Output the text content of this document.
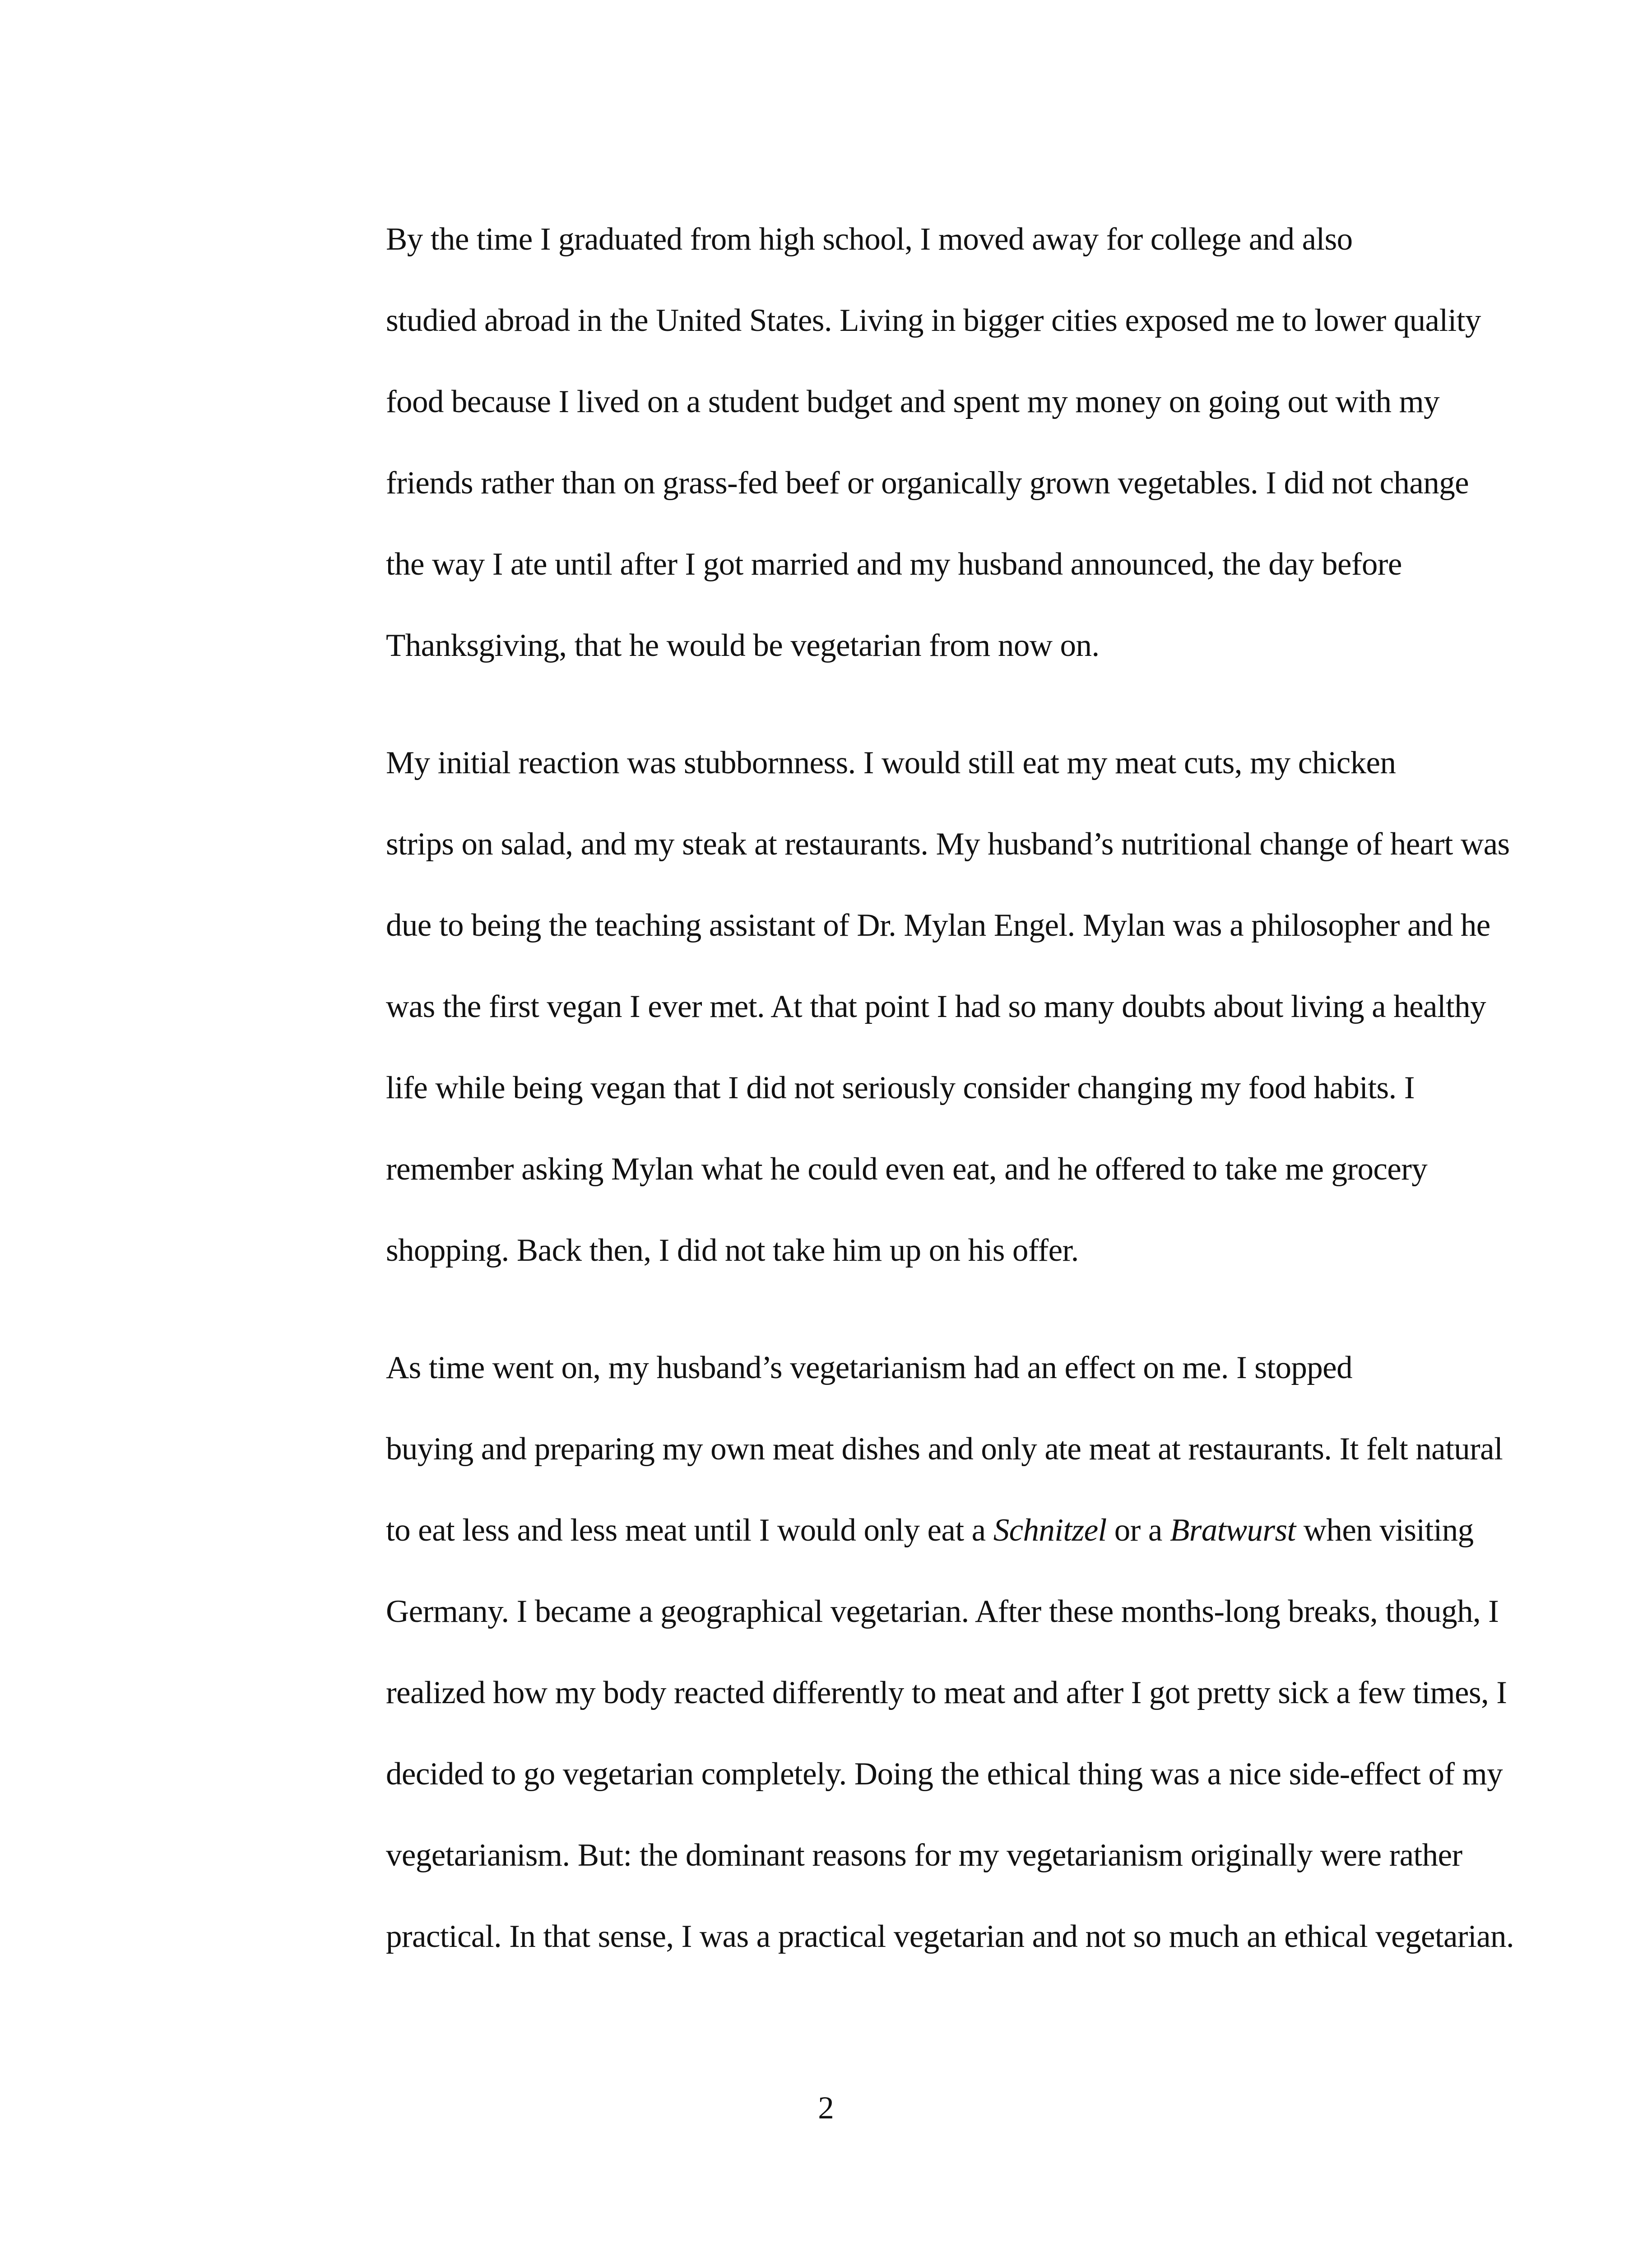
By the time I graduated from high school, I moved away for college and also
studied abroad in the United States. Living in bigger cities exposed me to lower quality
food because I lived on a student budget and spent my money on going out with my
friends rather than on grass-fed beef or organically grown vegetables. I did not change
the way I ate until after I got married and my husband announced, the day before
Thanksgiving, that he would be vegetarian from now on.

My initial reaction was stubbornness. I would still eat my meat cuts, my chicken
strips on salad, and my steak at restaurants. My husband’s nutritional change of heart was
due to being the teaching assistant of Dr. Mylan Engel. Mylan was a philosopher and he
was the first vegan I ever met. At that point I had so many doubts about living a healthy
life while being vegan that I did not seriously consider changing my food habits. I
remember asking Mylan what he could even eat, and he offered to take me grocery
shopping. Back then, I did not take him up on his offer.

As time went on, my husband’s vegetarianism had an effect on me. I stopped
buying and preparing my own meat dishes and only ate meat at restaurants. It felt natural
to eat less and less meat until I would only eat a Schnitzel or a Bratwurst when visiting
Germany. I became a geographical vegetarian. After these months-long breaks, though, I
realized how my body reacted differently to meat and after I got pretty sick a few times, I
decided to go vegetarian completely. Doing the ethical thing was a nice side-effect of my
vegetarianism. But: the dominant reasons for my vegetarianism originally were rather
practical. In that sense, I was a practical vegetarian and not so much an ethical vegetarian.

2
